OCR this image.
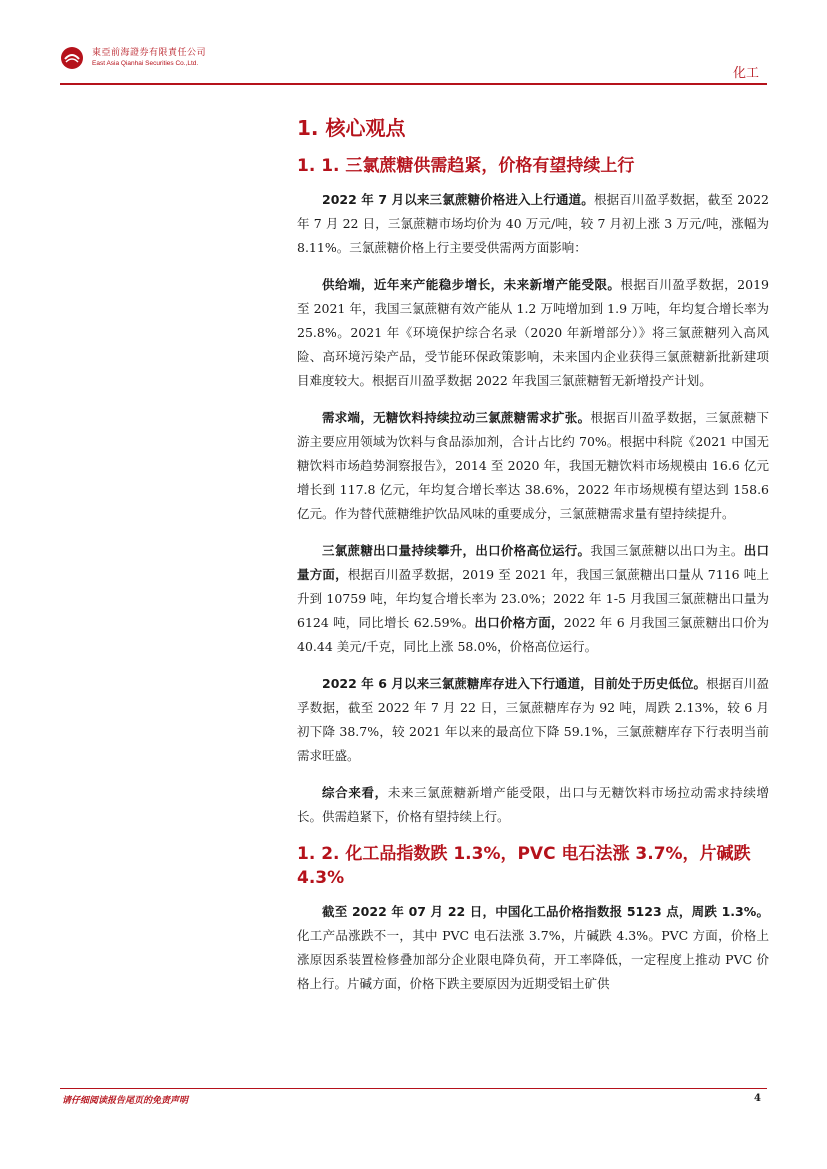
東亞前海證券有限責任公司
East Asia Qianhai Securities Co.,Ltd.
化工
1. 核心观点
1. 1. 三氯蔗糖供需趋紧，价格有望持续上行

2022 年 7 月以来三氯蔗糖价格进入上行通道。根据百川盈孚数据，截至 2022 年 7 月 22 日，三氯蔗糖市场均价为 40 万元/吨，较 7 月初上涨 3 万元/吨，涨幅为 8.11%。三氯蔗糖价格上行主要受供需两方面影响：

供给端，近年来产能稳步增长，未来新增产能受限。根据百川盈孚数据，2019 至 2021 年，我国三氯蔗糖有效产能从 1.2 万吨增加到 1.9 万吨，年均复合增长率为 25.8%。2021 年《环境保护综合名录（2020 年新增部分）》将三氯蔗糖列入高风险、高环境污染产品，受节能环保政策影响，未来国内企业获得三氯蔗糖新批新建项目难度较大。根据百川盈孚数据 2022 年我国三氯蔗糖暂无新增投产计划。

需求端，无糖饮料持续拉动三氯蔗糖需求扩张。根据百川盈孚数据，三氯蔗糖下游主要应用领域为饮料与食品添加剂，合计占比约 70%。根据中科院《2021 中国无糖饮料市场趋势洞察报告》，2014 至 2020 年，我国无糖饮料市场规模由 16.6 亿元增长到 117.8 亿元，年均复合增长率达 38.6%，2022 年市场规模有望达到 158.6 亿元。作为替代蔗糖维护饮品风味的重要成分，三氯蔗糖需求量有望持续提升。

三氯蔗糖出口量持续攀升，出口价格高位运行。我国三氯蔗糖以出口为主。出口量方面，根据百川盈孚数据，2019 至 2021 年，我国三氯蔗糖出口量从 7116 吨上升到 10759 吨，年均复合增长率为 23.0%；2022 年 1-5 月我国三氯蔗糖出口量为 6124 吨，同比增长 62.59%。出口价格方面，2022 年 6 月我国三氯蔗糖出口价为 40.44 美元/千克，同比上涨 58.0%，价格高位运行。

2022 年 6 月以来三氯蔗糖库存进入下行通道，目前处于历史低位。根据百川盈孚数据，截至 2022 年 7 月 22 日，三氯蔗糖库存为 92 吨，周跌 2.13%，较 6 月初下降 38.7%，较 2021 年以来的最高位下降 59.1%，三氯蔗糖库存下行表明当前需求旺盛。

综合来看，未来三氯蔗糖新增产能受限，出口与无糖饮料市场拉动需求持续增长。供需趋紧下，价格有望持续上行。

1. 2. 化工品指数跌 1.3%，PVC 电石法涨 3.7%，片碱跌 4.3%

截至 2022 年 07 月 22 日，中国化工品价格指数报 5123 点，周跌 1.3%。化工产品涨跌不一，其中 PVC 电石法涨 3.7%，片碱跌 4.3%。PVC 方面，价格上涨原因系装置检修叠加部分企业限电降负荷，开工率降低，一定程度上推动 PVC 价格上行。片碱方面，价格下跌主要原因为近期受铝土矿供

请仔细阅读报告尾页的免责声明	4
